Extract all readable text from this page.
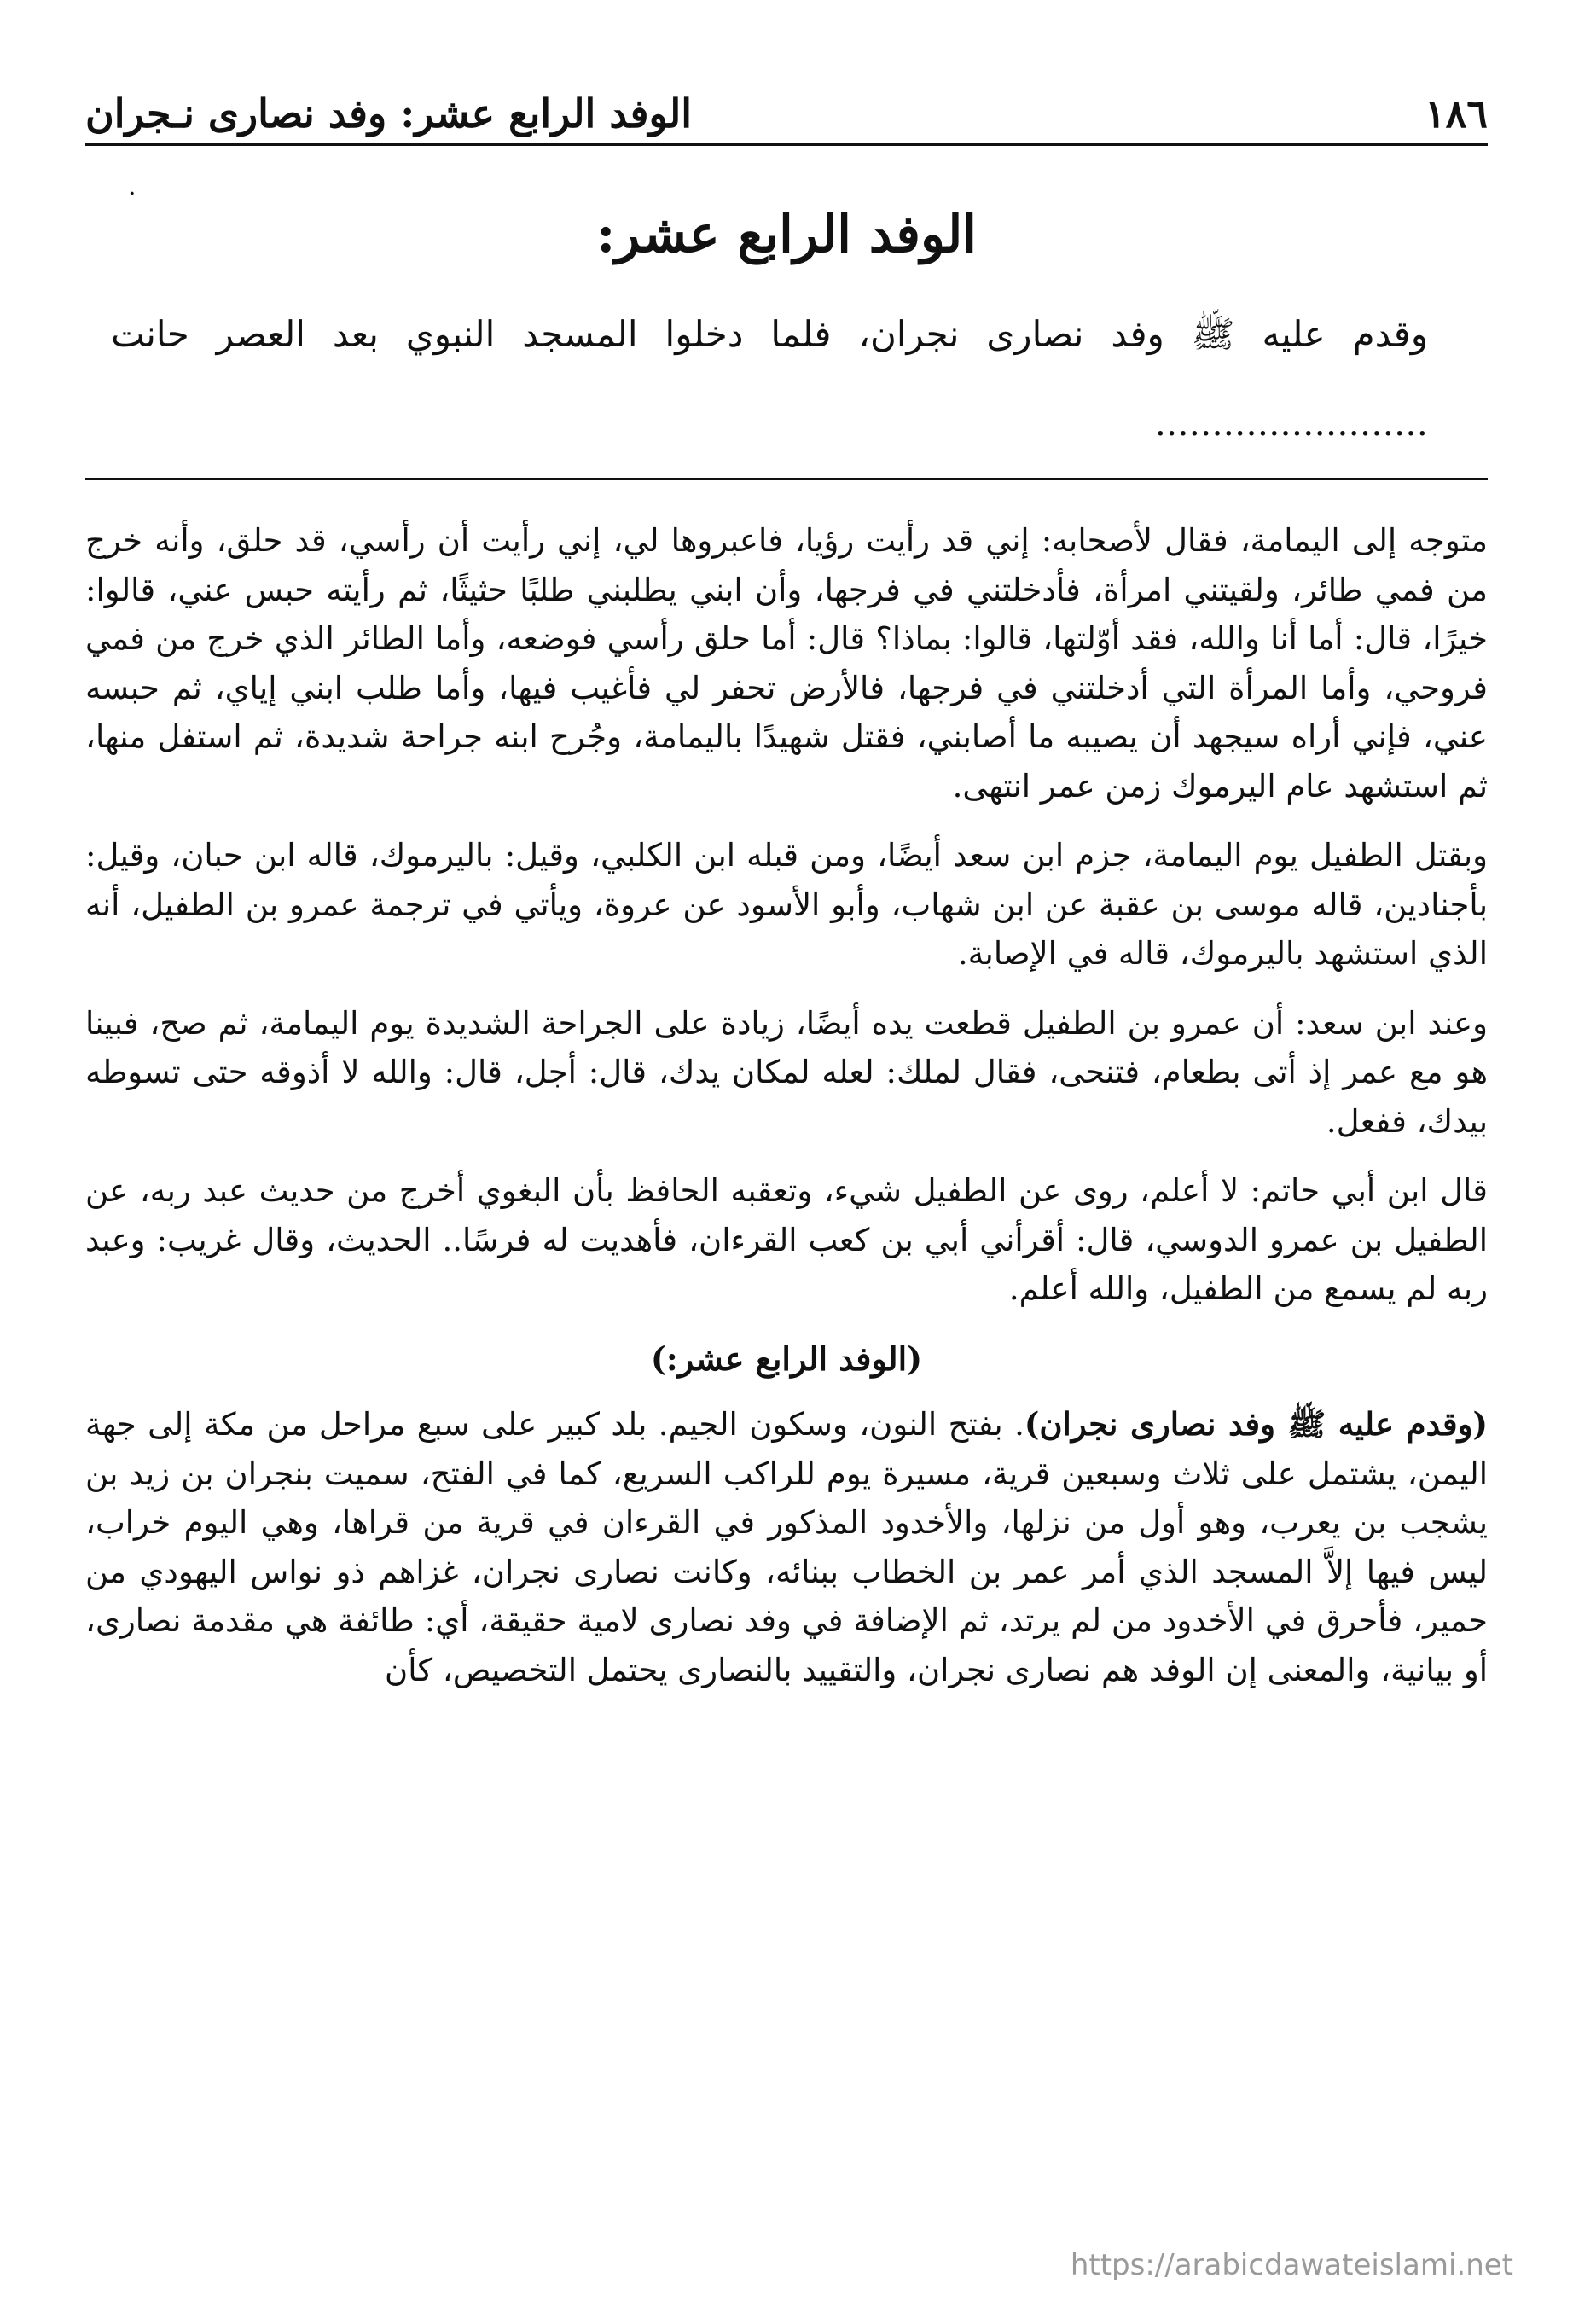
١٨٦
الوفد الرابع عشر: وفد نصارى نـجران
·
الوفد الرابع عشر:
وقدم عليه ﷺ وفد نصارى نجران، فلما دخلوا المسجد النبوي بعد العصر حانت ........................

متوجه إلى اليمامة، فقال لأصحابه: إني قد رأيت رؤيا، فاعبروها لي، إني رأيت أن رأسي، قد حلق، وأنه خرج من فمي طائر، ولقيتني امرأة، فأدخلتني في فرجها، وأن ابني يطلبني طلبًا حثيثًا، ثم رأيته حبس عني، قالوا: خيرًا، قال: أما أنا والله، فقد أوّلتها، قالوا: بماذا؟ قال: أما حلق رأسي فوضعه، وأما الطائر الذي خرج من فمي فروحي، وأما المرأة التي أدخلتني في فرجها، فالأرض تحفر لي فأغيب فيها، وأما طلب ابني إياي، ثم حبسه عني، فإني أراه سيجهد أن يصيبه ما أصابني، فقتل شهيدًا باليمامة، وجُرح ابنه جراحة شديدة، ثم استفل منها، ثم استشهد عام اليرموك زمن عمر انتهى.

وبقتل الطفيل يوم اليمامة، جزم ابن سعد أيضًا، ومن قبله ابن الكلبي، وقيل: باليرموك، قاله ابن حبان، وقيل: بأجنادين، قاله موسى بن عقبة عن ابن شهاب، وأبو الأسود عن عروة، ويأتي في ترجمة عمرو بن الطفيل، أنه الذي استشهد باليرموك، قاله في الإصابة.

وعند ابن سعد: أن عمرو بن الطفيل قطعت يده أيضًا، زيادة على الجراحة الشديدة يوم اليمامة، ثم صح، فبينا هو مع عمر إذ أتى بطعام، فتنحى، فقال لملك: لعله لمكان يدك، قال: أجل، قال: والله لا أذوقه حتى تسوطه بيدك، ففعل.

قال ابن أبي حاتم: لا أعلم، روى عن الطفيل شيء، وتعقبه الحافظ بأن البغوي أخرج من حديث عبد ربه، عن الطفيل بن عمرو الدوسي، قال: أقرأني أبي بن كعب القرءان، فأهديت له فرسًا.. الحديث، وقال غريب: وعبد ربه لم يسمع من الطفيل، والله أعلم.

(الوفد الرابع عشر:)

(وقدم عليه ﷺ وفد نصارى نجران). بفتح النون، وسكون الجيم. بلد كبير على سبع مراحل من مكة إلى جهة اليمن، يشتمل على ثلاث وسبعين قرية، مسيرة يوم للراكب السريع، كما في الفتح، سميت بنجران بن زيد بن يشجب بن يعرب، وهو أول من نزلها، والأخدود المذكور في القرءان في قرية من قراها، وهي اليوم خراب، ليس فيها إلاَّ المسجد الذي أمر عمر بن الخطاب ببنائه، وكانت نصارى نجران، غزاهم ذو نواس اليهودي من حمير، فأحرق في الأخدود من لم يرتد، ثم الإضافة في وفد نصارى لامية حقيقة، أي: طائفة هي مقدمة نصارى، أو بيانية، والمعنى إن الوفد هم نصارى نجران، والتقييد بالنصارى يحتمل التخصيص، كأن

https://arabicdawateislami.net
